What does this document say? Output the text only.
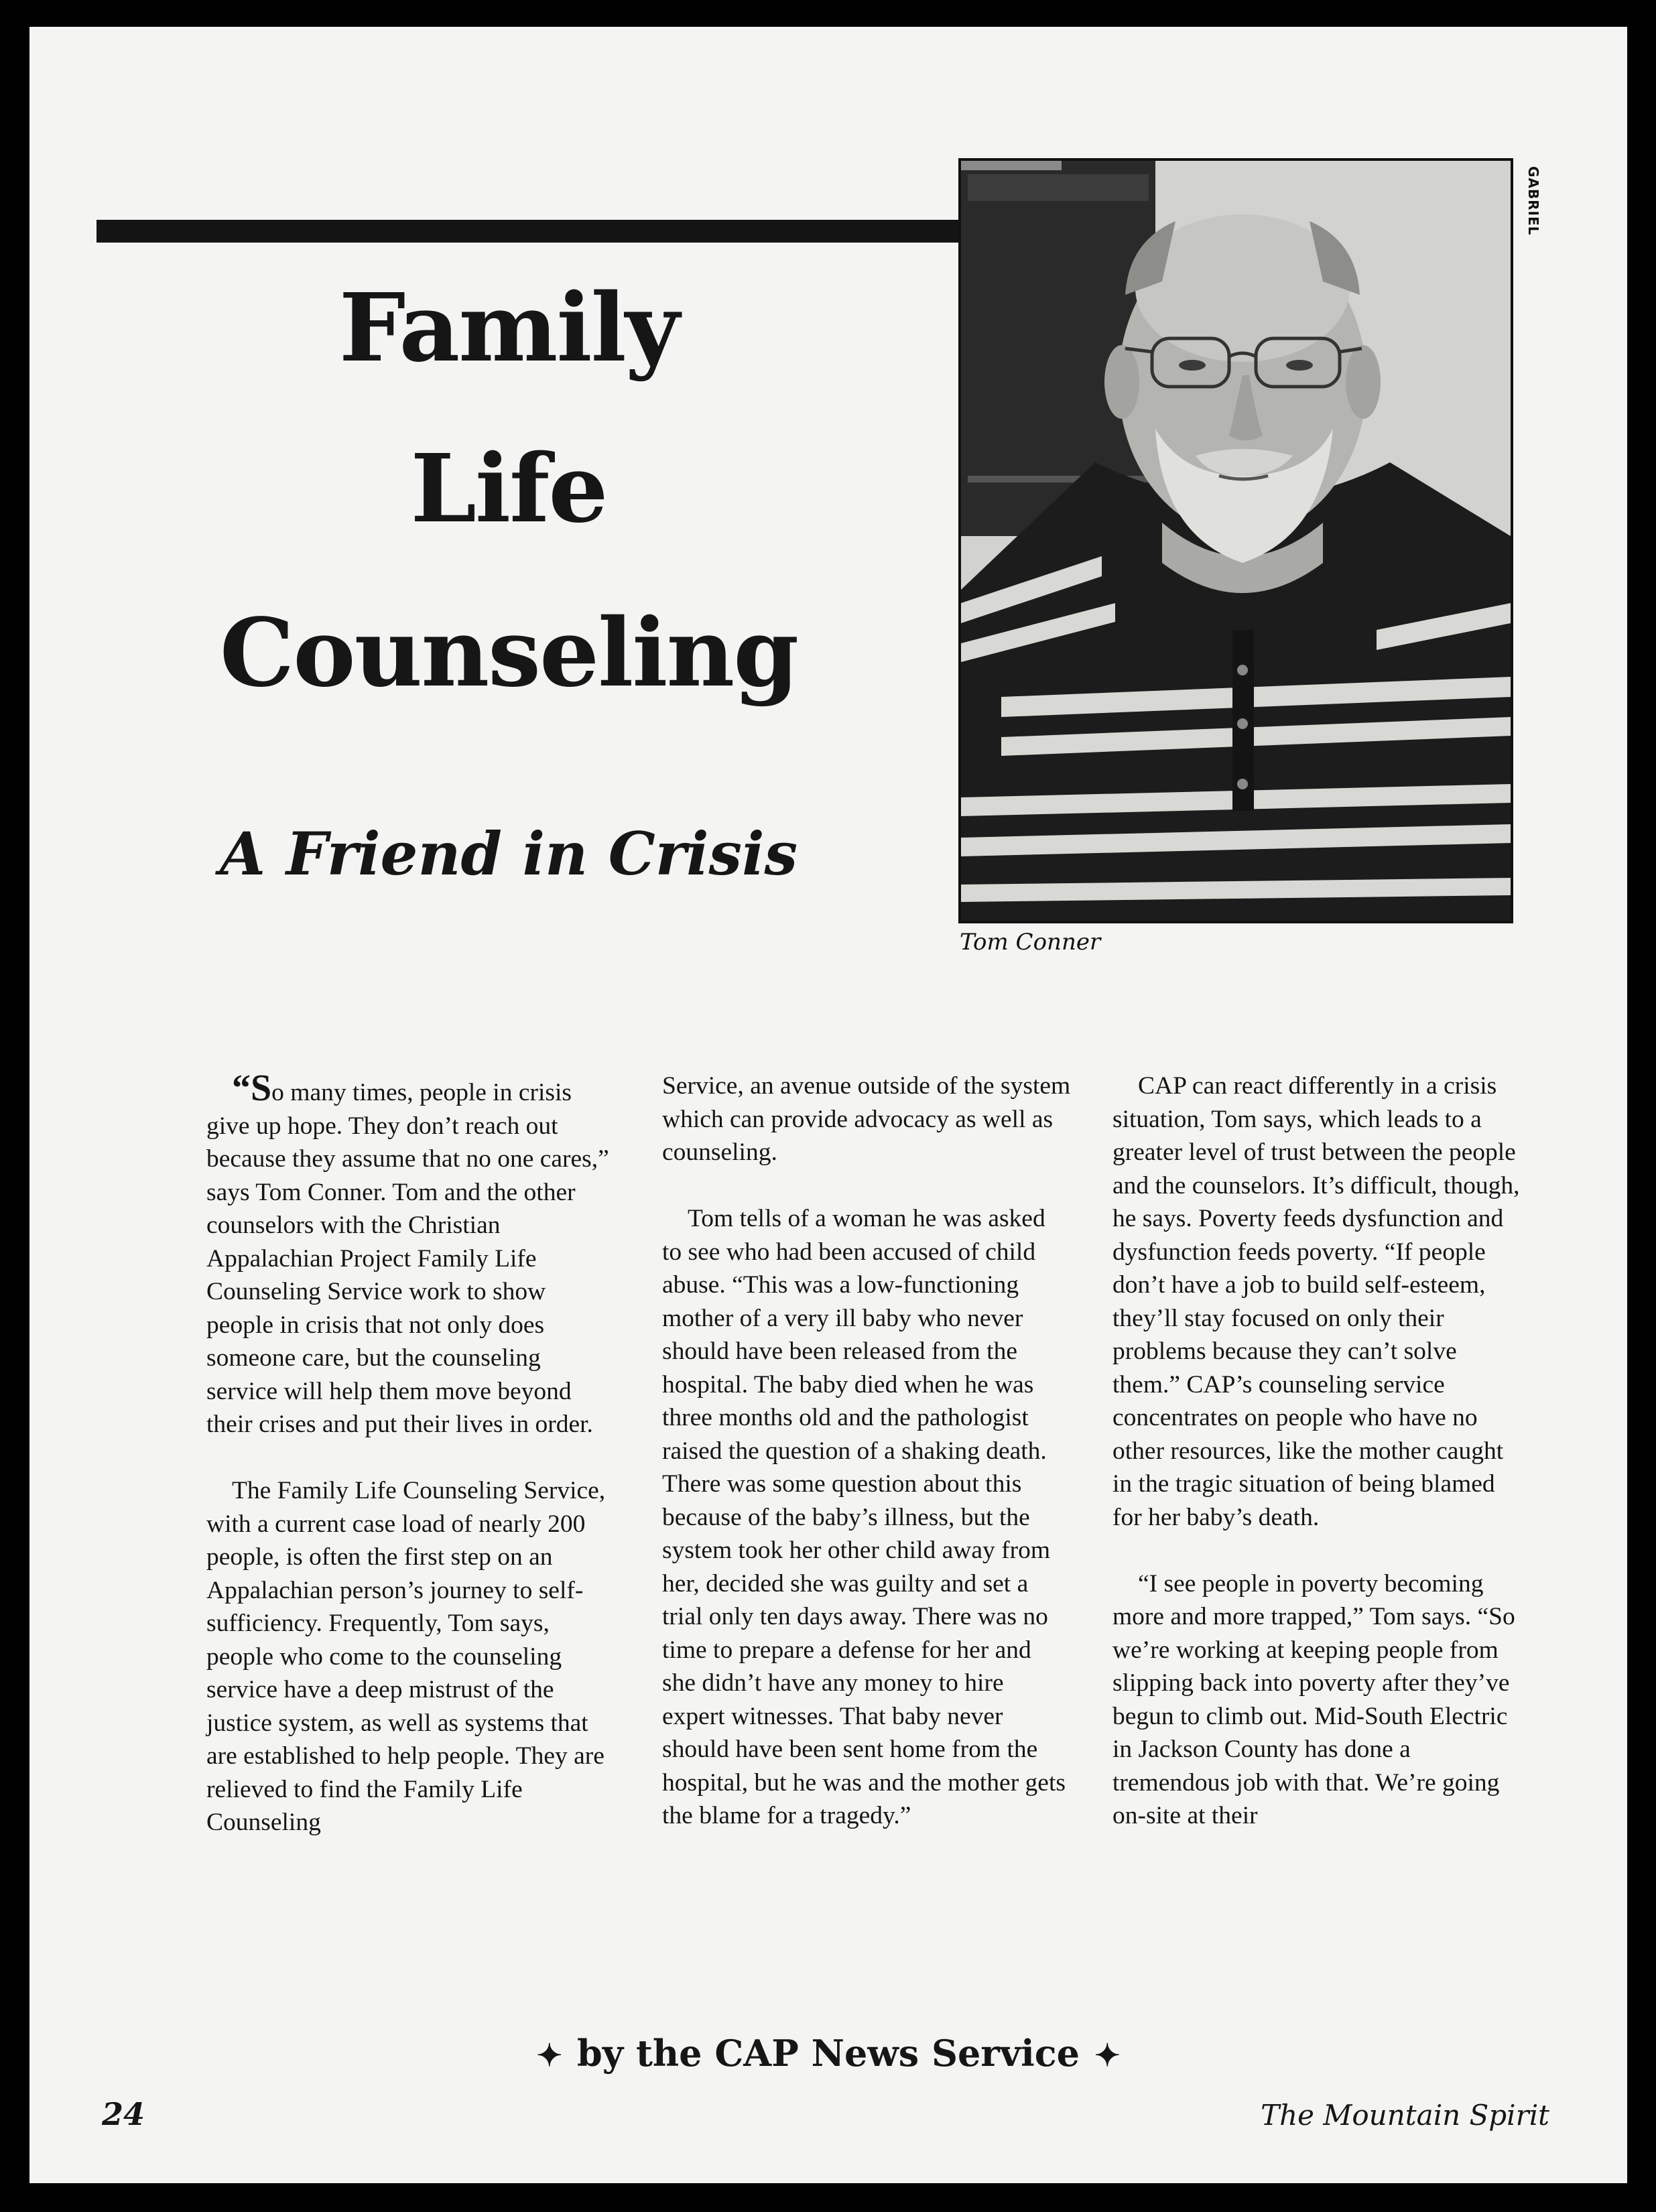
Family
Life
Counseling
A Friend in Crisis
GABRIEL
Tom Conner

“So many times, people in crisis give up hope. They don’t reach out because they assume that no one cares,” says Tom Conner. Tom and the other counselors with the Christian Appalachian Project Family Life Counseling Service work to show people in crisis that not only does someone care, but the counseling service will help them move beyond their crises and put their lives in order.

The Family Life Counseling Service, with a current case load of nearly 200 people, is often the first step on an Appalachian person’s journey to self-sufficiency. Frequently, Tom says, people who come to the counseling service have a deep mistrust of the justice system, as well as systems that are established to help people. They are relieved to find the Family Life Counseling

Service, an avenue outside of the system which can provide advocacy as well as counseling.

Tom tells of a woman he was asked to see who had been accused of child abuse. “This was a low-functioning mother of a very ill baby who never should have been released from the hospital. The baby died when he was three months old and the pathologist raised the question of a shaking death. There was some question about this because of the baby’s illness, but the system took her other child away from her, decided she was guilty and set a trial only ten days away. There was no time to prepare a defense for her and she didn’t have any money to hire expert witnesses. That baby never should have been sent home from the hospital, but he was and the mother gets the blame for a tragedy.”

CAP can react differently in a crisis situation, Tom says, which leads to a greater level of trust between the people and the counselors. It’s difficult, though, he says. Poverty feeds dysfunction and dysfunction feeds poverty. “If people don’t have a job to build self-esteem, they’ll stay focused on only their problems because they can’t solve them.” CAP’s counseling service concentrates on people who have no other resources, like the mother caught in the tragic situation of being blamed for her baby’s death.

“I see people in poverty becoming more and more trapped,” Tom says. “So we’re working at keeping people from slipping back into poverty after they’ve begun to climb out. Mid-South Electric in Jackson County has done a tremendous job with that. We’re going on-site at their

✦ by the CAP News Service ✦
24	The Mountain Spirit
